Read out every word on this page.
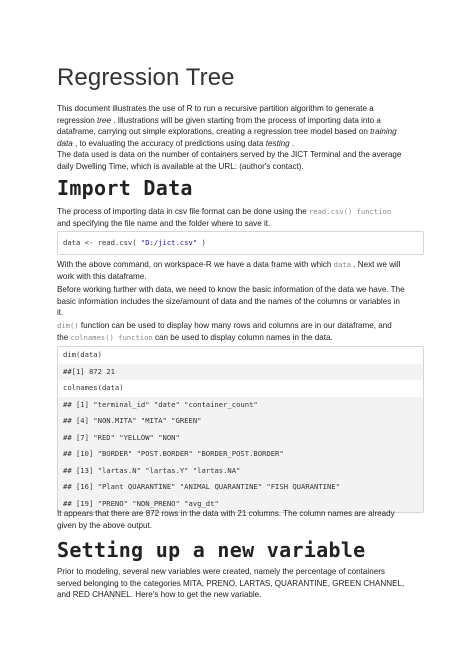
Regression Tree
This document illustrates the use of R to run a recursive partition algorithm to generate a
regression tree . Illustrations will be given starting from the process of importing data into a
dataframe, carrying out simple explorations, creating a regression tree model based on training
data , to evaluating the accuracy of predictions using data testing .
The data used is data on the number of containers served by the JICT Terminal and the average
daily Dwelling Time, which is available at the URL: (author's contact).
Import Data
The process of importing data in csv file format can be done using the read.csv() function
and specifying the file name and the folder where to save it.
data <- read.csv( "D:/jict.csv" )
With the above command, on workspace-R we have a data frame with which data . Next we will
work with this dataframe.
Before working further with data, we need to know the basic information of the data we have. The
basic information includes the size/amount of data and the names of the columns or variables in
it.
dim() function can be used to display how many rows and columns are in our dataframe, and
the colnames() function can be used to display column names in the data.
dim(data)
##[1] 872 21
colnames(data)
## [1] "terminal_id" "date" "container_count"
## [4] "NON.MITA" "MITA" "GREEN"
## [7] "RED" "YELLOW" "NON"
## [10] "BORDER" "POST.BORDER" "BORDER_POST.BORDER"
## [13] "lartas.N" "lartas.Y" "lartas.NA"
## [16] "Plant QUARANTINE" "ANIMAL QUARANTINE" "FISH QUARANTINE"
## [19] "PRENO" "NON_PRENO" "avg_dt"
It appears that there are 872 rows in the data with 21 columns. The column names are already
given by the above output.
Setting up a new variable
Prior to modeling, several new variables were created, namely the percentage of containers
served belonging to the categories MITA, PRENO, LARTAS, QUARANTINE, GREEN CHANNEL,
and RED CHANNEL. Here's how to get the new variable.
